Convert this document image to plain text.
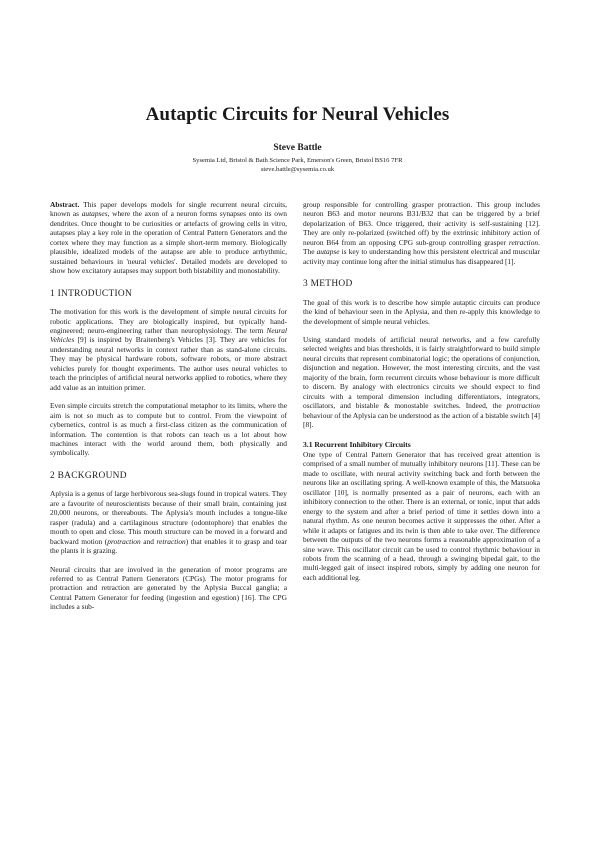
Autaptic Circuits for Neural Vehicles
Steve Battle
Sysemia Ltd, Bristol & Bath Science Park, Emerson's Green, Bristol BS16 7FR
steve.battle@sysemia.co.uk

Abstract. This paper develops models for single recurrent neural circuits, known as autapses, where the axon of a neuron forms synapses onto its own dendrites. Once thought to be curiosities or artefacts of growing cells in vitro, autapses play a key role in the operation of Central Pattern Generators and the cortex where they may function as a simple short-term memory. Biologically plausible, idealized models of the autapse are able to produce arrhythmic, sustained behaviours in 'neural vehicles'. Detailed models are developed to show how excitatory autapses may support both bistability and monostability.

1 INTRODUCTION

The motivation for this work is the development of simple neural circuits for robotic applications. They are biologically inspired, but typically hand-engineered; neuro-engineering rather than neurophysiology. The term Neural Vehicles [9] is inspired by Braitenberg's Vehicles [3]. They are vehicles for understanding neural networks in context rather than as stand-alone circuits. They may be physical hardware robots, software robots, or more abstract vehicles purely for thought experiments. The author uses neural vehicles to teach the principles of artificial neural networks applied to robotics, where they add value as an intuition primer.

Even simple circuits stretch the computational metaphor to its limits, where the aim is not so much as to compute but to control. From the viewpoint of cybernetics, control is as much a first-class citizen as the communication of information. The contention is that robots can teach us a lot about how machines interact with the world around them, both physically and symbolically.

2 BACKGROUND

Aplysia is a genus of large herbivorous sea-slugs found in tropical waters. They are a favourite of neuroscientists because of their small brain, containing just 20,000 neurons, or thereabouts. The Aplysia's mouth includes a tongue-like rasper (radula) and a cartilaginous structure (odontophore) that enables the mouth to open and close. This mouth structure can be moved in a forward and backward motion (protraction and retraction) that enables it to grasp and tear the plants it is grazing.

Neural circuits that are involved in the generation of motor programs are referred to as Central Pattern Generators (CPGs). The motor programs for protraction and retraction are generated by the Aplysia Buccal ganglia; a Central Pattern Generator for feeding (ingestion and egestion) [16]. The CPG includes a sub-

group responsible for controlling grasper protraction. This group includes neuron B63 and motor neurons B31/B32 that can be triggered by a brief depolarization of B63. Once triggered, their activity is self-sustaining [12]. They are only re-polarized (switched off) by the extrinsic inhibitory action of neuron B64 from an opposing CPG sub-group controlling grasper retraction. The autapse is key to understanding how this persistent electrical and muscular activity may continue long after the initial stimulus has disappeared [1].

3 METHOD

The goal of this work is to describe how simple autaptic circuits can produce the kind of behaviour seen in the Aplysia, and then re-apply this knowledge to the development of simple neural vehicles.

Using standard models of artificial neural networks, and a few carefully selected weights and bias thresholds, it is fairly straightforward to build simple neural circuits that represent combinatorial logic; the operations of conjunction, disjunction and negation. However, the most interesting circuits, and the vast majority of the brain, form recurrent circuits whose behaviour is more difficult to discern. By analogy with electronics circuits we should expect to find circuits with a temporal dimension including differentiators, integrators, oscillators, and bistable & monostable switches. Indeed, the protraction behaviour of the Aplysia can be understood as the action of a bistable switch [4][8].

3.1 Recurrent Inhibitory Circuits

One type of Central Pattern Generator that has received great attention is comprised of a small number of mutually inhibitory neurons [11]. These can be made to oscillate, with neural activity switching back and forth between the neurons like an oscillating spring. A well-known example of this, the Matsuoka oscillator [10], is normally presented as a pair of neurons, each with an inhibitory connection to the other. There is an external, or tonic, input that adds energy to the system and after a brief period of time it settles down into a natural rhythm. As one neuron becomes active it suppresses the other. After a while it adapts or fatigues and its twin is then able to take over. The difference between the outputs of the two neurons forms a reasonable approximation of a sine wave. This oscillator circuit can be used to control rhythmic behaviour in robots from the scanning of a head, through a swinging bipedal gait, to the multi-legged gait of insect inspired robots, simply by adding one neuron for each additional leg.
